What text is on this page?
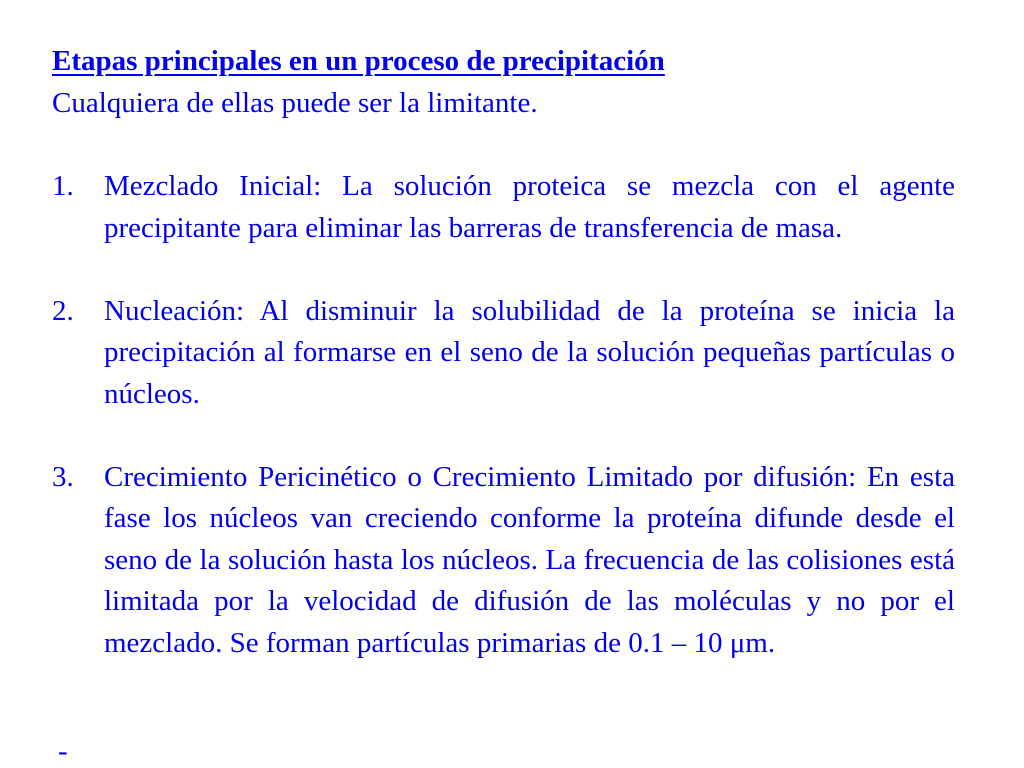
Etapas principales en un proceso de precipitación

Cualquiera de ellas puede ser la limitante.

1. Mezclado Inicial: La solución proteica se mezcla con el agente precipitante para eliminar las barreras de transferencia de masa.
2. Nucleación: Al disminuir la solubilidad de la proteína se inicia la precipitación al formarse en el seno de la solución pequeñas partículas o núcleos.
3. Crecimiento Pericinético o Crecimiento Limitado por difusión: En esta fase los núcleos van creciendo conforme la proteína difunde desde el seno de la solución hasta los núcleos. La frecuencia de las colisiones está limitada por la velocidad de difusión de las moléculas y no por el mezclado. Se forman partículas primarias de 0.1 – 10 μm.

-
